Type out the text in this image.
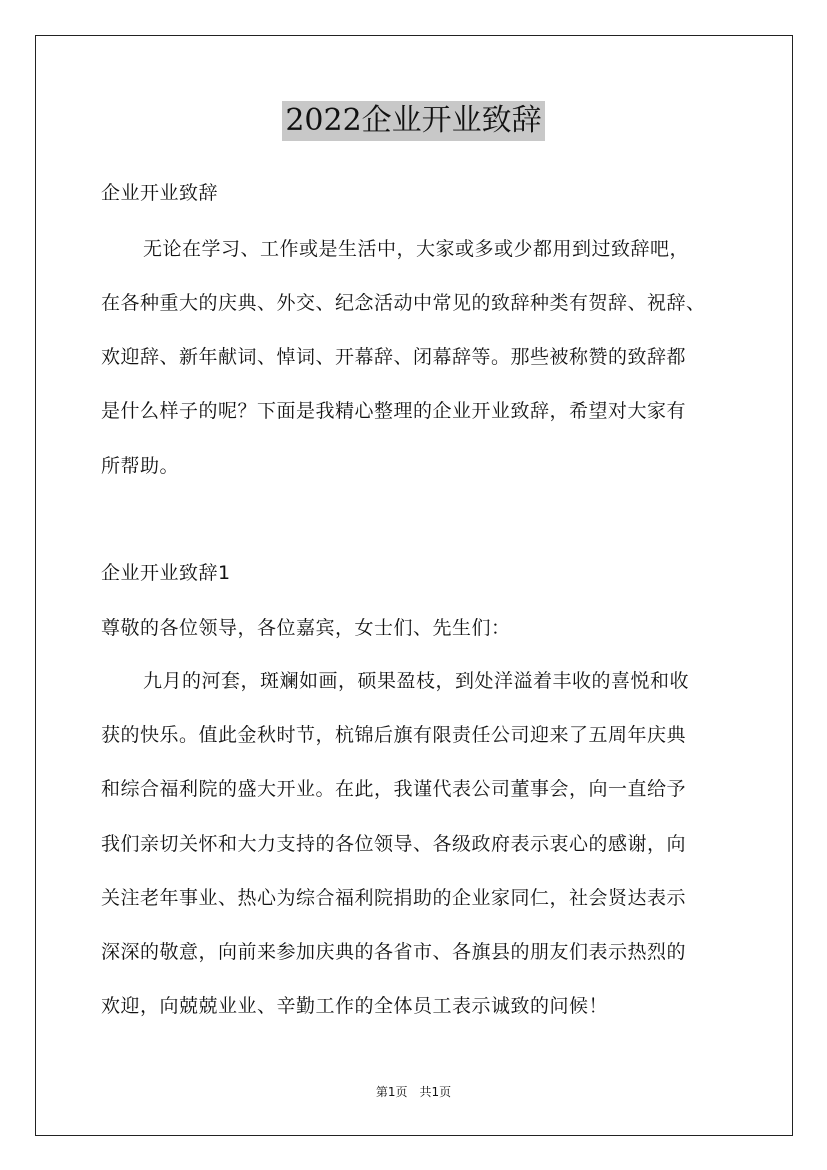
2022企业开业致辞
企业开业致辞
无论在学习、工作或是生活中，大家或多或少都用到过致辞吧，
在各种重大的庆典、外交、纪念活动中常见的致辞种类有贺辞、祝辞、
欢迎辞、新年献词、悼词、开幕辞、闭幕辞等。那些被称赞的致辞都
是什么样子的呢？下面是我精心整理的企业开业致辞，希望对大家有
所帮助。
企业开业致辞1
尊敬的各位领导，各位嘉宾，女士们、先生们：
九月的河套，斑斓如画，硕果盈枝，到处洋溢着丰收的喜悦和收
获的快乐。值此金秋时节，杭锦后旗有限责任公司迎来了五周年庆典
和综合福利院的盛大开业。在此，我谨代表公司董事会，向一直给予
我们亲切关怀和大力支持的各位领导、各级政府表示衷心的感谢，向
关注老年事业、热心为综合福利院捐助的企业家同仁，社会贤达表示
深深的敬意，向前来参加庆典的各省市、各旗县的朋友们表示热烈的
欢迎，向兢兢业业、辛勤工作的全体员工表示诚致的问候！
第1页　共1页
